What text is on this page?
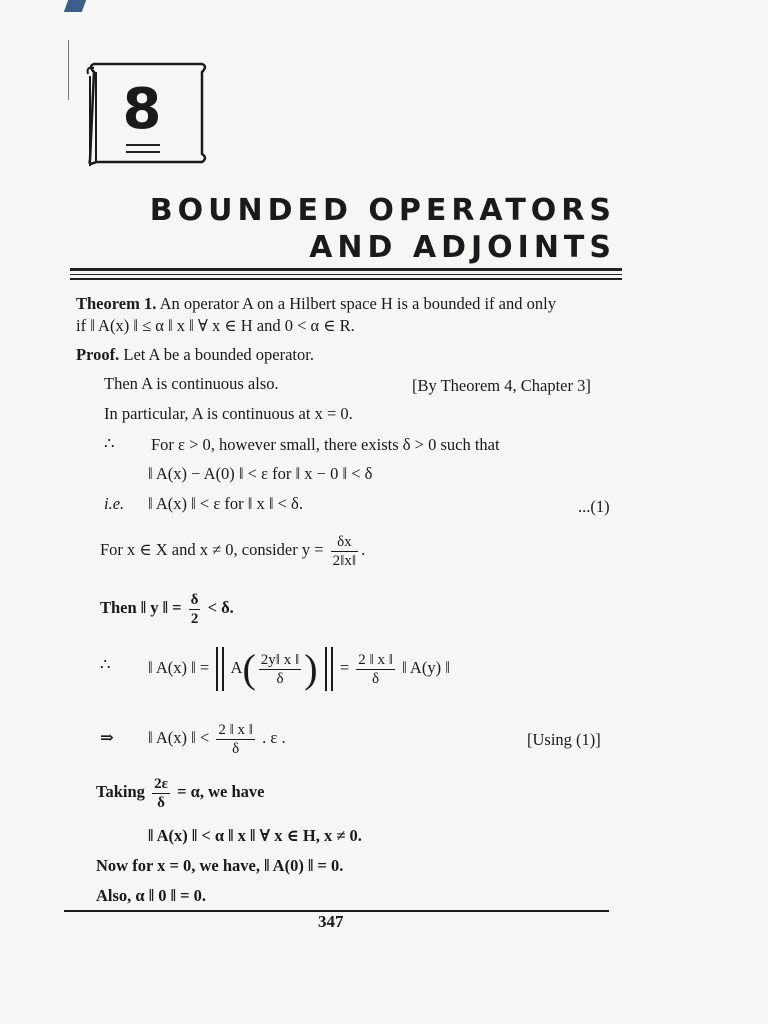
8
BOUNDED OPERATORS
AND ADJOINTS
Theorem 1. An operator A on a Hilbert space H is a bounded if and only
if ‖ A(x) ‖ ≤ α ‖ x ‖ ∀ x ∈ H and 0 < α ∈ R.
Proof. Let A be a bounded operator.
Then A is continuous also.	[By Theorem 4, Chapter 3]
In particular, A is continuous at x = 0.
∴ For ε > 0, however small, there exists δ > 0 such that
‖ A(x) − A(0) ‖ < ε for ‖ x − 0 ‖ < δ
i.e. ‖ A(x) ‖ < ε for ‖ x ‖ < δ.	...(1)
For x ∈ X and x ≠ 0, consider $y = \frac{\delta x}{2‖x‖}$ .
Then ‖ y ‖ = $\frac{\delta}{2} < \delta$.
∴ ‖ A(x) ‖ = $A( \frac{2y‖ x ‖}{\delta}$ ) = $\frac{2 ‖ x ‖}{\delta}$ ‖ A(y) ‖
⇒ ‖ A(x) ‖ < $\frac{2 ‖ x ‖}{\delta}$ . ε .	[Using (1)]
Taking $\frac{2\varepsilon}{\delta} = \alpha$, we have
‖ A(x) ‖ < α ‖ x ‖ ∀ x ∈ H, x ≠ 0.
Now for x = 0, we have, ‖ A(0) ‖ = 0.
Also, α ‖ 0 ‖ = 0.
347
